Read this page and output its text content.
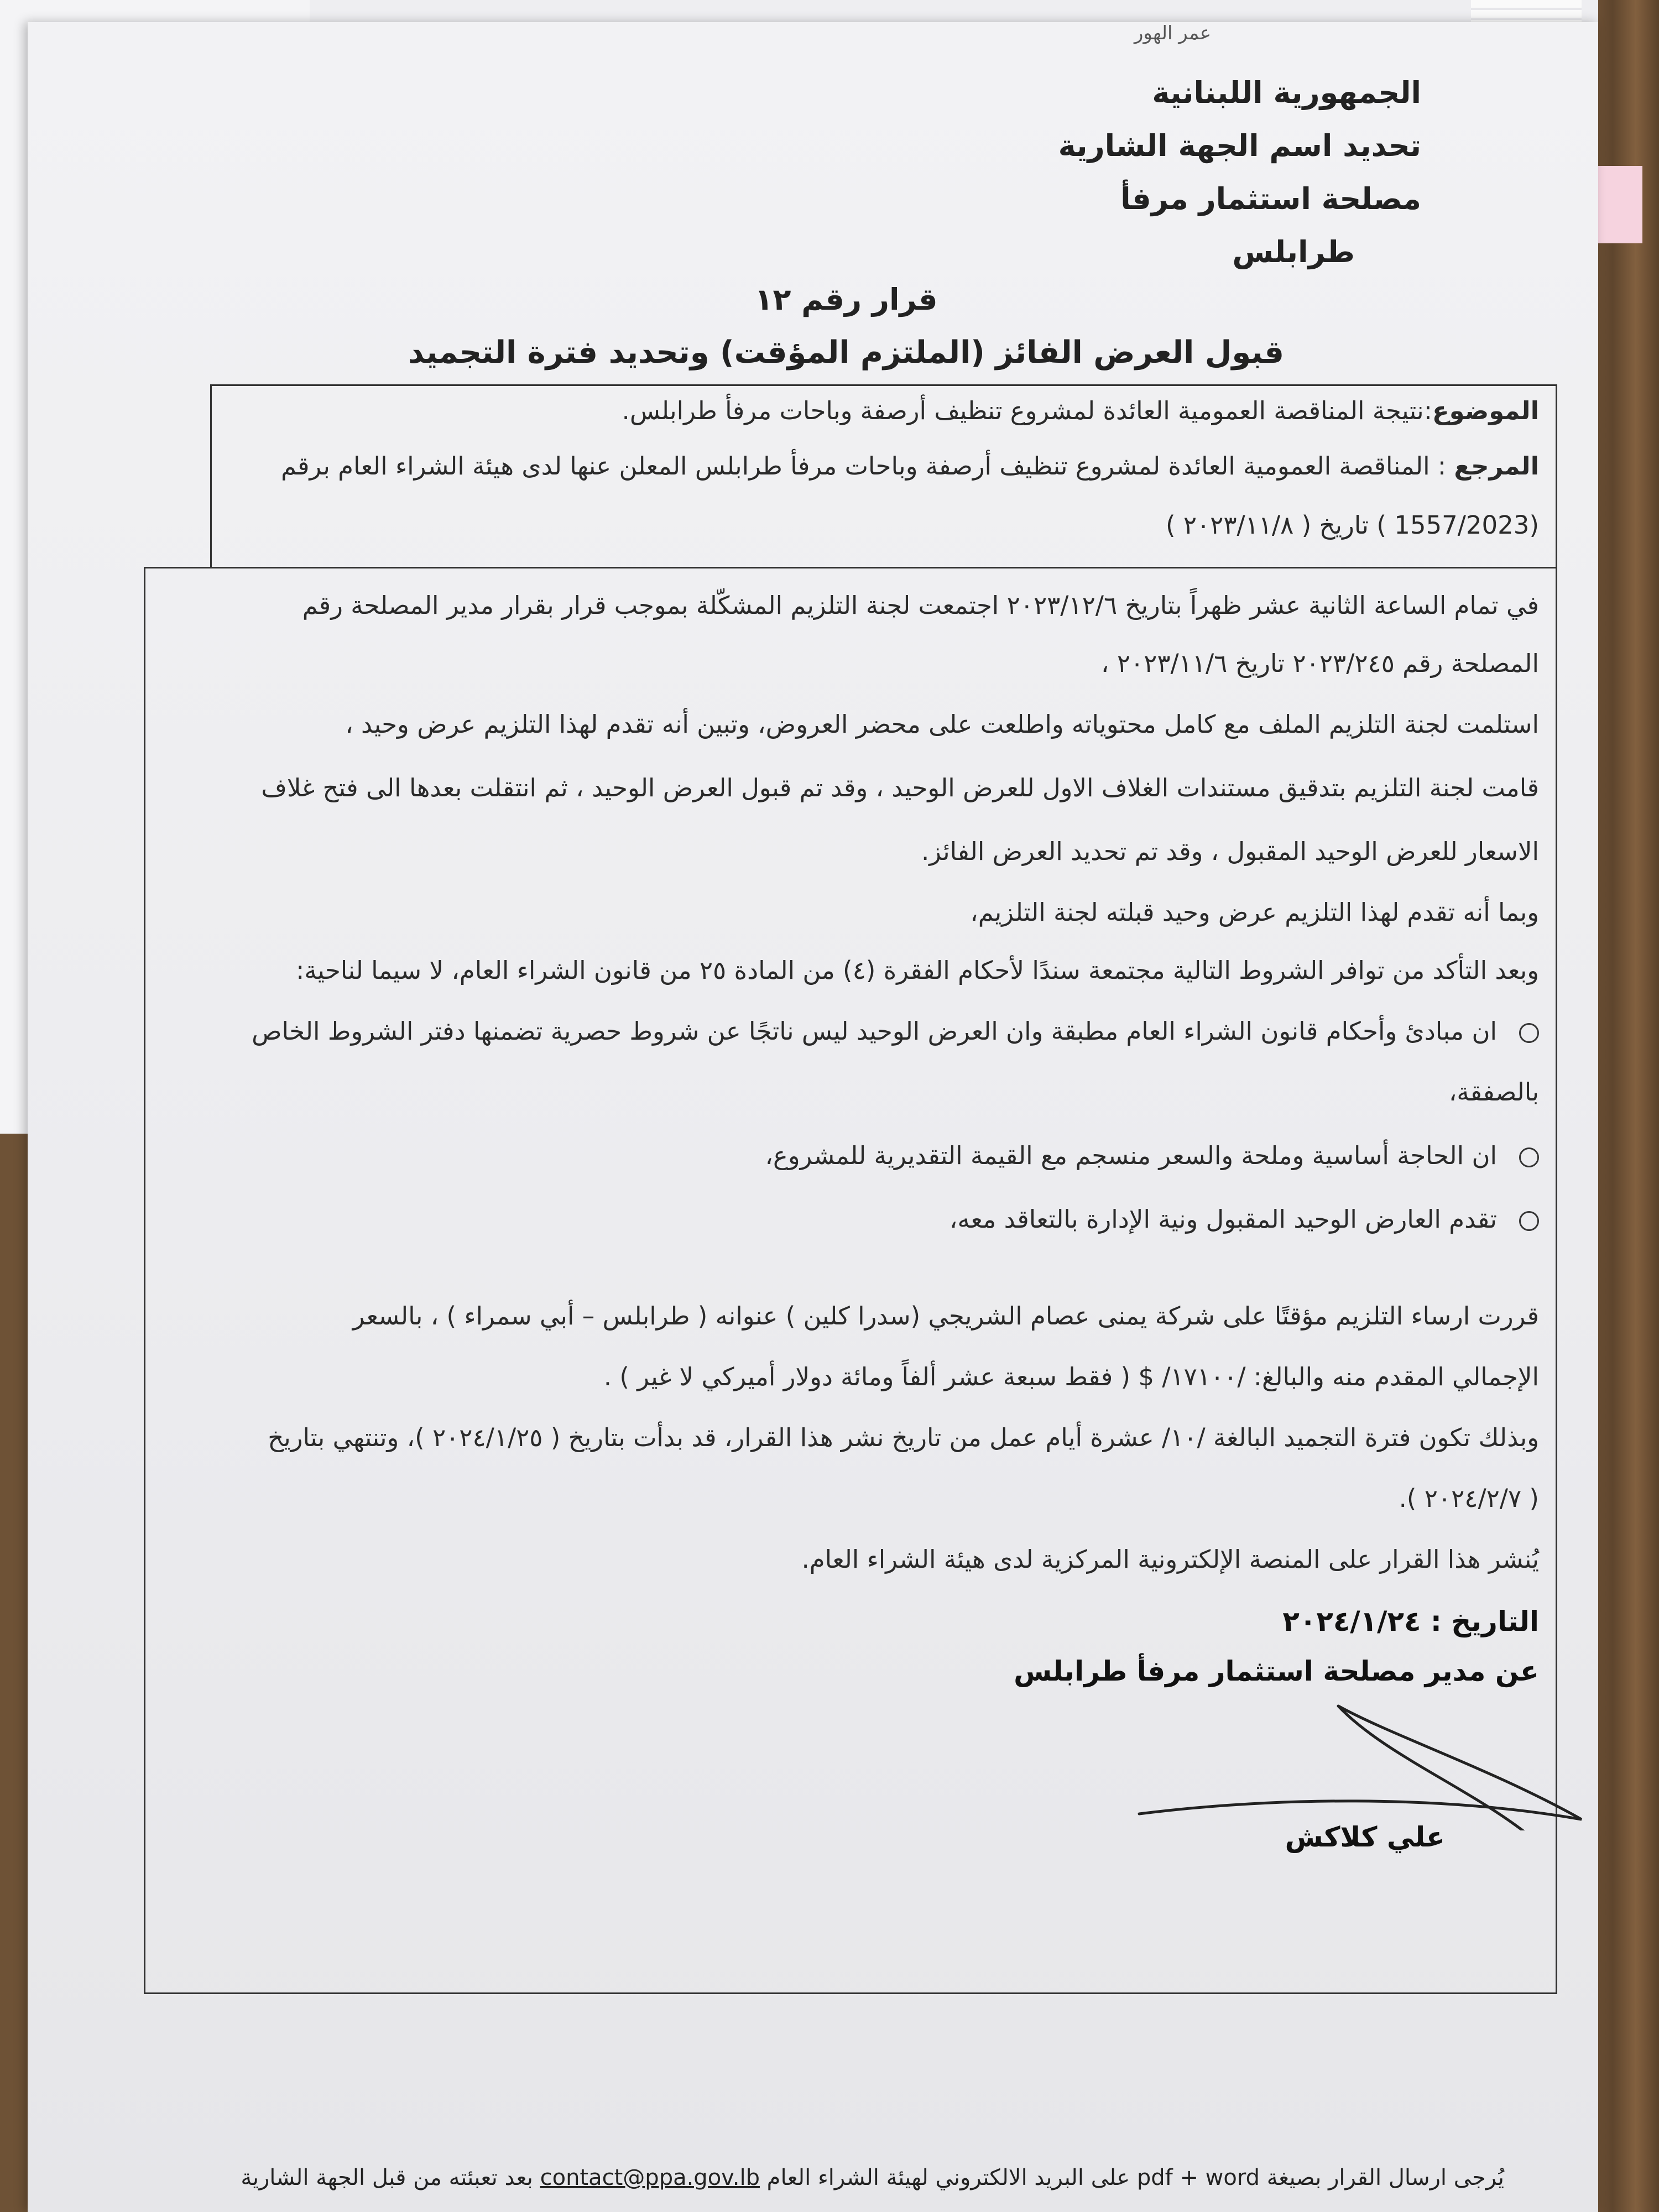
عمر الهور
الجمهورية اللبنانية
تحديد اسم الجهة الشارية
مصلحة استثمار مرفأ
طرابلس
قرار رقم ١٢
قبول العرض الفائز (الملتزم المؤقت) وتحديد فترة التجميد
الموضوع:نتيجة المناقصة العمومية العائدة لمشروع تنظيف أرصفة وباحات مرفأ طرابلس.
المرجع : المناقصة العمومية العائدة لمشروع تنظيف أرصفة وباحات مرفأ طرابلس المعلن عنها لدى هيئة الشراء العام برقم
(1557/2023 ) تاريخ ( ٢٠٢٣/١١/٨ )
في تمام الساعة الثانية عشر ظهراً بتاريخ ٢٠٢٣/١٢/٦ اجتمعت لجنة التلزيم المشكّلة بموجب قرار بقرار مدير المصلحة رقم
المصلحة رقم ٢٠٢٣/٢٤٥ تاريخ ٢٠٢٣/١١/٦ ،
استلمت لجنة التلزيم الملف مع كامل محتوياته واطلعت على محضر العروض، وتبين أنه تقدم لهذا التلزيم عرض وحيد ،
قامت لجنة التلزيم بتدقيق مستندات الغلاف الاول للعرض الوحيد ، وقد تم قبول العرض الوحيد ، ثم انتقلت بعدها الى فتح غلاف
الاسعار للعرض الوحيد المقبول ، وقد تم تحديد العرض الفائز.
وبما أنه تقدم لهذا التلزيم عرض وحيد قبلته لجنة التلزيم،
وبعد التأكد من توافر الشروط التالية مجتمعة سندًا لأحكام الفقرة (٤) من المادة ٢٥ من قانون الشراء العام، لا سيما لناحية:
ان مبادئ وأحكام قانون الشراء العام مطبقة وان العرض الوحيد ليس ناتجًا عن شروط حصرية تضمنها دفتر الشروط الخاص
بالصفقة،
ان الحاجة أساسية وملحة والسعر منسجم مع القيمة التقديرية للمشروع،
تقدم العارض الوحيد المقبول ونية الإدارة بالتعاقد معه،
قررت ارساء التلزيم مؤقتًا على شركة يمنى عصام الشريجي (سدرا كلين ) عنوانه ( طرابلس – أبي سمراء ) ، بالسعر
الإجمالي المقدم منه والبالغ: /١٧١٠٠/ $ ( فقط سبعة عشر ألفاً ومائة دولار أميركي لا غير ) .
وبذلك تكون فترة التجميد البالغة /١٠/ عشرة أيام عمل من تاريخ نشر هذا القرار، قد بدأت بتاريخ ( ٢٠٢٤/١/٢٥ )، وتنتهي بتاريخ
( ٢٠٢٤/٢/٧ ).
يُنشر هذا القرار على المنصة الإلكترونية المركزية لدى هيئة الشراء العام.
التاريخ : ٢٠٢٤/١/٢٤
عن مدير مصلحة استثمار مرفأ طرابلس
علي كلاكش
يُرجى ارسال القرار بصيغة pdf + word على البريد الالكتروني لهيئة الشراء العام contact@ppa.gov.lb بعد تعبئته من قبل الجهة الشارية
